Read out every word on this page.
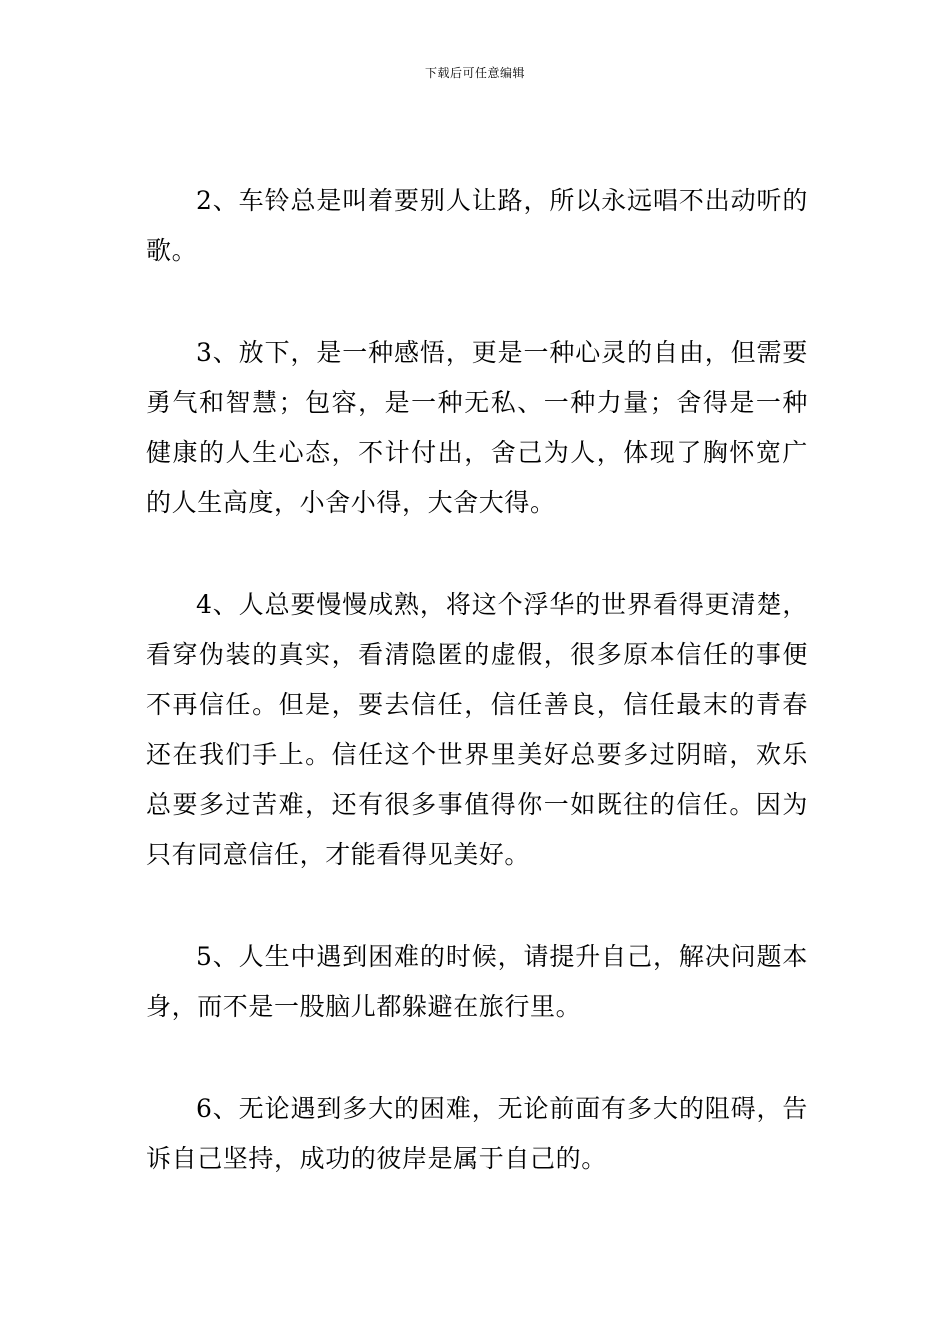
下载后可任意编辑

2、车铃总是叫着要别人让路，所以永远唱不出动听的歌。

3、放下，是一种感悟，更是一种心灵的自由，但需要勇气和智慧；包容，是一种无私、一种力量；舍得是一种健康的人生心态，不计付出，舍己为人，体现了胸怀宽广的人生高度，小舍小得，大舍大得。

4、人总要慢慢成熟，将这个浮华的世界看得更清楚，看穿伪装的真实，看清隐匿的虚假，很多原本信任的事便不再信任。但是，要去信任，信任善良，信任最末的青春还在我们手上。信任这个世界里美好总要多过阴暗，欢乐总要多过苦难，还有很多事值得你一如既往的信任。因为只有同意信任，才能看得见美好。

5、人生中遇到困难的时候，请提升自己，解决问题本身，而不是一股脑儿都躲避在旅行里。

6、无论遇到多大的困难，无论前面有多大的阻碍，告诉自己坚持，成功的彼岸是属于自己的。
